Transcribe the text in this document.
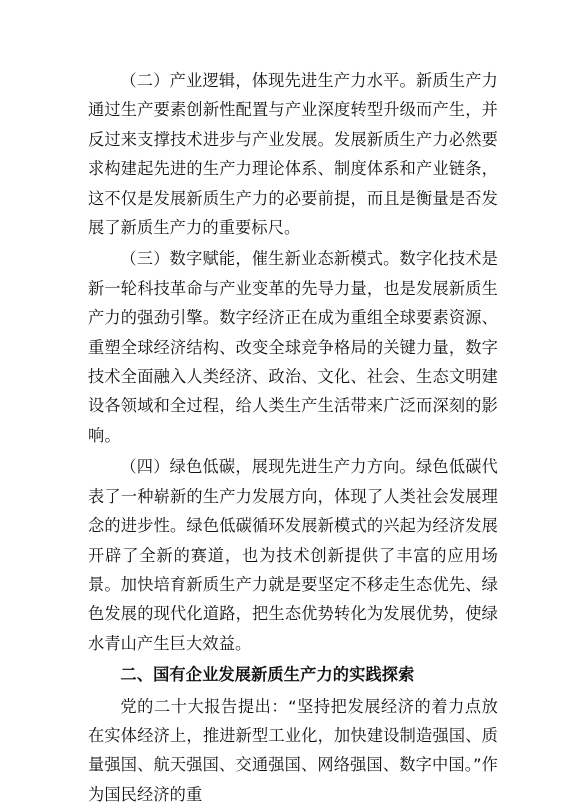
（二）产业逻辑，体现先进生产力水平。新质生产力通过生产要素创新性配置与产业深度转型升级而产生，并反过来支撑技术进步与产业发展。发展新质生产力必然要求构建起先进的生产力理论体系、制度体系和产业链条，这不仅是发展新质生产力的必要前提，而且是衡量是否发展了新质生产力的重要标尺。

（三）数字赋能，催生新业态新模式。数字化技术是新一轮科技革命与产业变革的先导力量，也是发展新质生产力的强劲引擎。数字经济正在成为重组全球要素资源、重塑全球经济结构、改变全球竞争格局的关键力量，数字技术全面融入人类经济、政治、文化、社会、生态文明建设各领域和全过程，给人类生产生活带来广泛而深刻的影响。

（四）绿色低碳，展现先进生产力方向。绿色低碳代表了一种崭新的生产力发展方向，体现了人类社会发展理念的进步性。绿色低碳循环发展新模式的兴起为经济发展开辟了全新的赛道，也为技术创新提供了丰富的应用场景。加快培育新质生产力就是要坚定不移走生态优先、绿色发展的现代化道路，把生态优势转化为发展优势，使绿水青山产生巨大效益。

二、国有企业发展新质生产力的实践探索

党的二十大报告提出：“坚持把发展经济的着力点放在实体经济上，推进新型工业化，加快建设制造强国、质量强国、航天强国、交通强国、网络强国、数字中国。”作为国民经济的重
